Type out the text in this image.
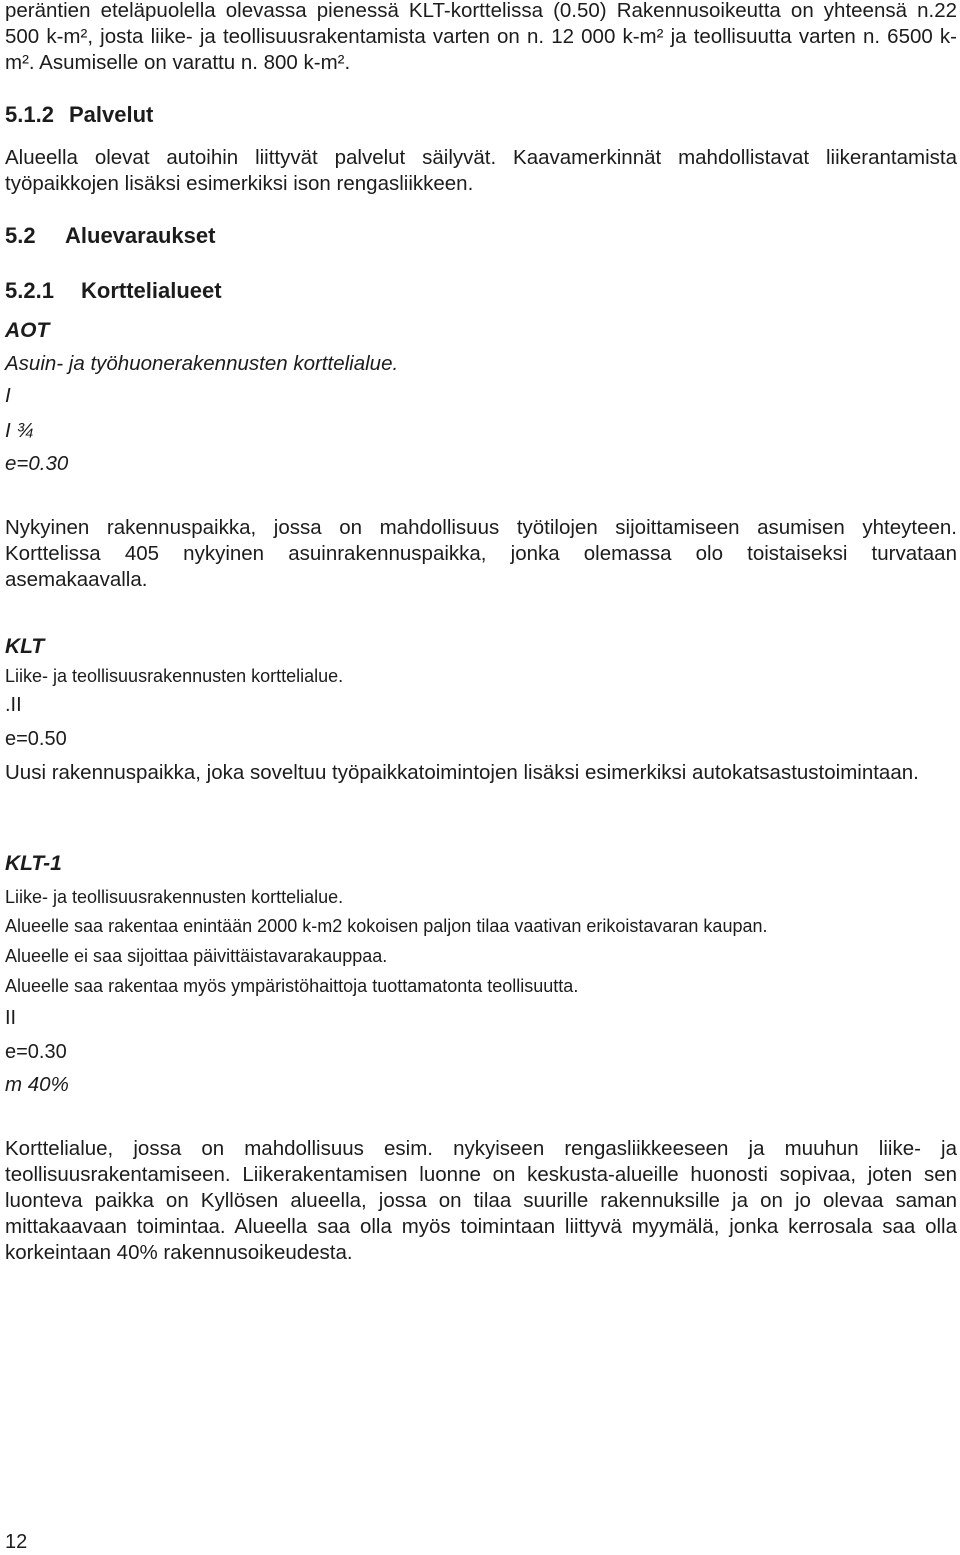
peräntien eteläpuolella olevassa pienessä KLT-korttelissa (0.50) Rakennusoikeutta on yhteensä n.22 500 k-m², josta liike- ja teollisuusrakentamista varten on n. 12 000 k-m² ja teollisuutta varten n. 6500 k-m². Asumiselle on varattu n. 800 k-m².

5.1.2 Palvelut

Alueella olevat autoihin liittyvät palvelut säilyvät. Kaavamerkinnät mahdollistavat liikerantamista työpaikkojen lisäksi esimerkiksi ison rengasliikkeen.

5.2 Aluevaraukset
5.2.1 Korttelialueet

AOT

Asuin- ja työhuonerakennusten korttelialue.

I

I ¾

e=0.30

Nykyinen rakennuspaikka, jossa on mahdollisuus työtilojen sijoittamiseen asumisen yhteyteen. Korttelissa 405 nykyinen asuinrakennuspaikka, jonka olemassa olo toistaiseksi turvataan asemakaavalla.

KLT

Liike- ja teollisuusrakennusten korttelialue.

.II

e=0.50

Uusi rakennuspaikka, joka soveltuu työpaikkatoimintojen lisäksi esimerkiksi autokatsastustoimintaan.

KLT-1

Liike- ja teollisuusrakennusten korttelialue.

Alueelle saa rakentaa enintään 2000 k-m2 kokoisen paljon tilaa vaativan erikoistavaran kaupan.

Alueelle ei saa sijoittaa päivittäistavarakauppaa.

Alueelle saa rakentaa myös ympäristöhaittoja tuottamatonta teollisuutta.

II

e=0.30

m 40%

Korttelialue, jossa on mahdollisuus esim. nykyiseen rengasliikkeeseen ja muuhun liike- ja teollisuusrakentamiseen. Liikerakentamisen luonne on keskusta-alueille huonosti sopivaa, joten sen luonteva paikka on Kyllösen alueella, jossa on tilaa suurille rakennuksille ja on jo olevaa saman mittakaavaan toimintaa. Alueella saa olla myös toimintaan liittyvä myymälä, jonka kerrosala saa olla korkeintaan 40% rakennusoikeudesta.

12
